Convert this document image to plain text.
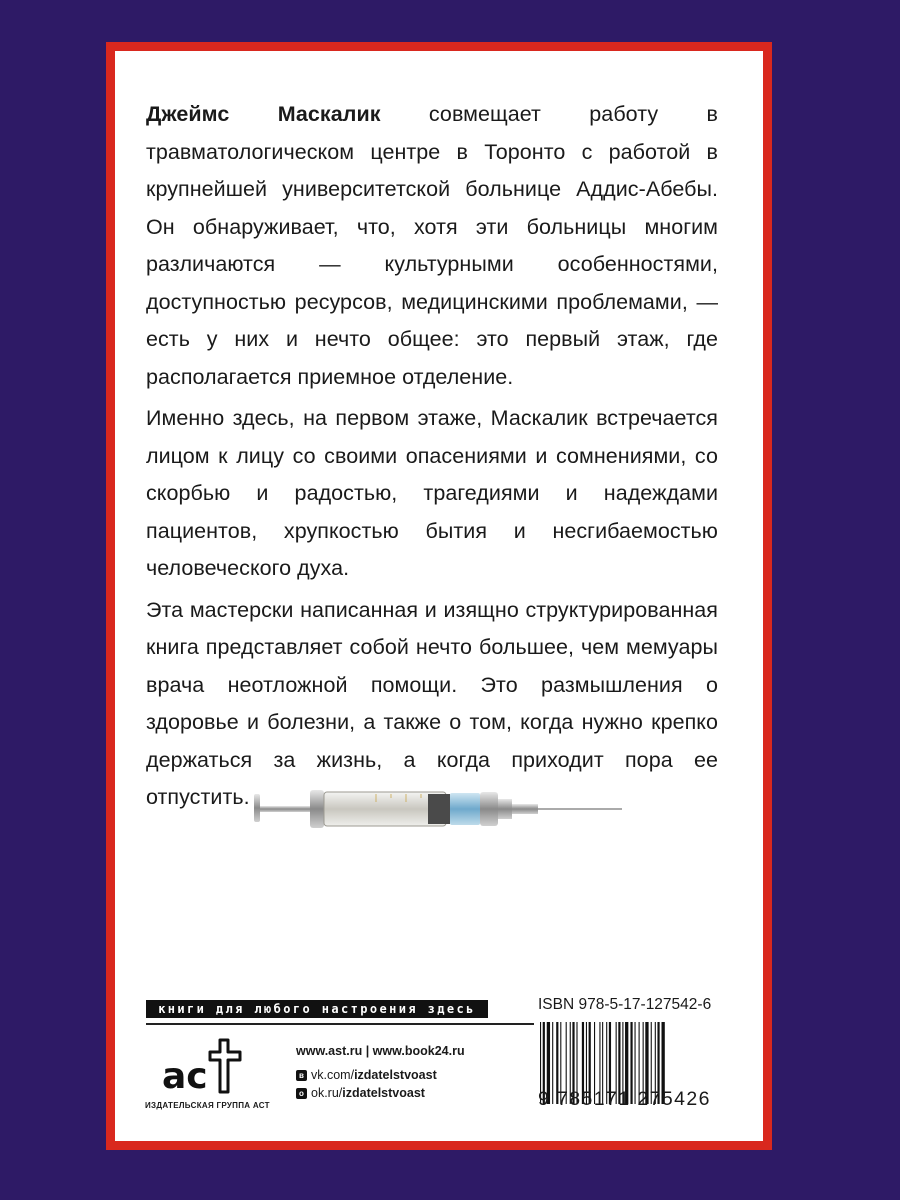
Джеймс Маскалик совмещает работу в травматологическом центре в Торонто с работой в крупнейшей университетской больнице Аддис-Абебы. Он обнаруживает, что, хотя эти больницы многим различаются — культурными особенностями, доступностью ресурсов, медицинскими проблемами, — есть у них и нечто общее: это первый этаж, где располагается приемное отделение.

Именно здесь, на первом этаже, Маскалик встречается лицом к лицу со своими опасениями и сомнениями, со скорбью и радостью, трагедиями и надеждами пациентов, хрупкостью бытия и несгибаемостью человеческого духа.

Эта мастерски написанная и изящно структурированная книга представляет собой нечто большее, чем мемуары врача неотложной помощи. Это размышления о здоровье и болезни, а также о том, когда нужно крепко держаться за жизнь, а когда приходит пора ее отпустить.

книги для любого настроения здесь
ac
ИЗДАТЕЛЬСКАЯ ГРУППА АСТ
www.ast.ru | www.book24.ru
в vk.com/ izdatelstvoast
о ok.ru/ izdatelstvoast
ISBN 978-5-17-127542-6
9 785171 275426
